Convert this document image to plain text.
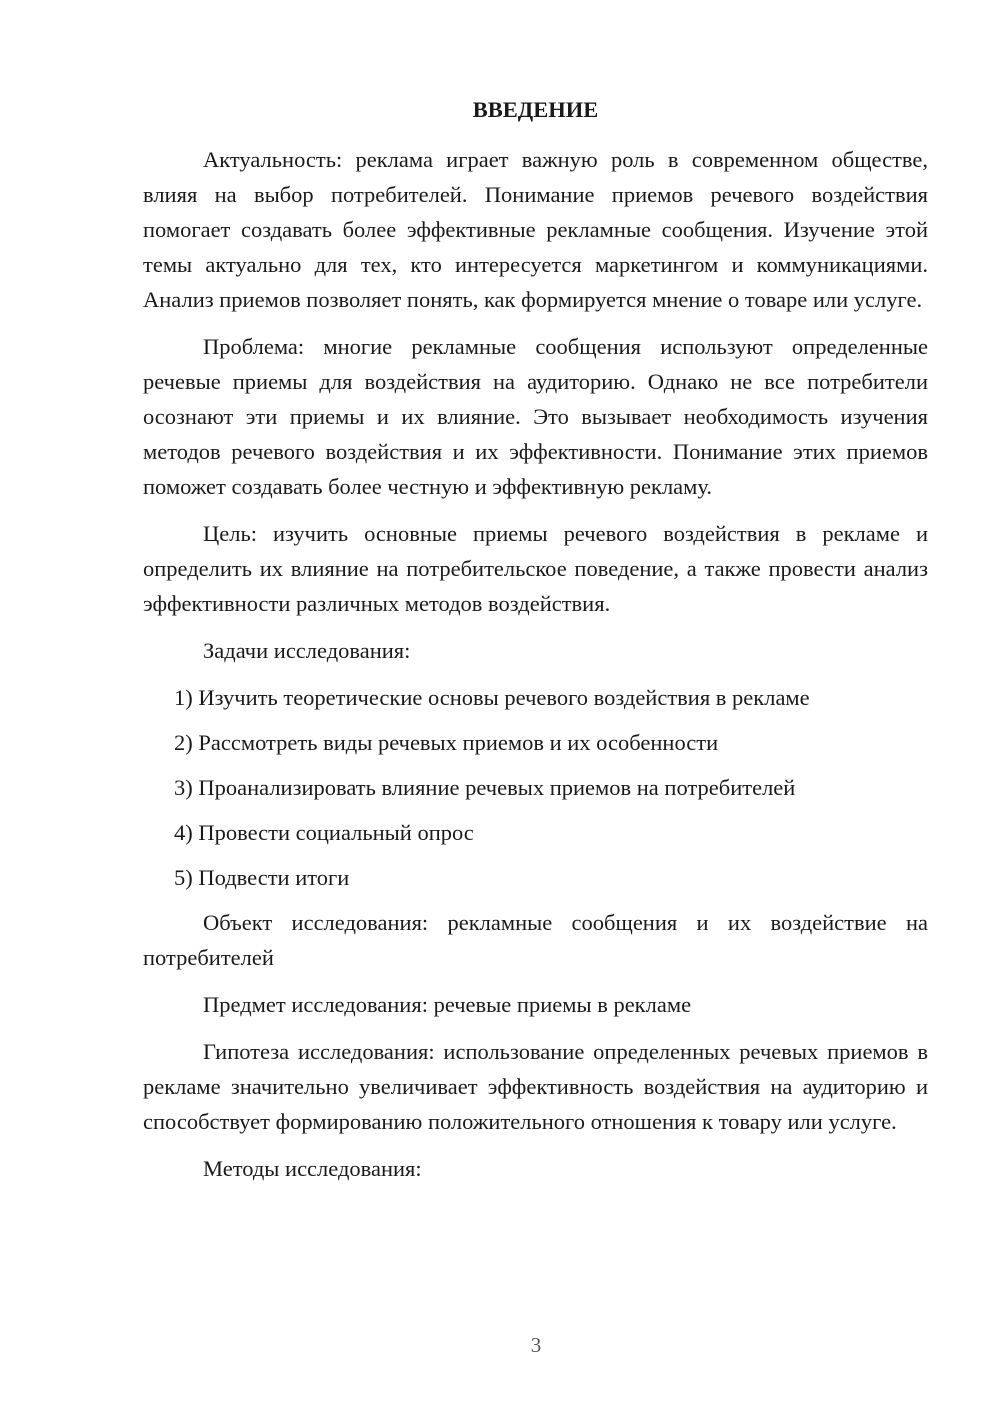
ВВЕДЕНИЕ

Актуальность: реклама играет важную роль в современном обществе, влияя на выбор потребителей. Понимание приемов речевого воздействия помогает создавать более эффективные рекламные сообщения. Изучение этой темы актуально для тех, кто интересуется маркетингом и коммуникациями. Анализ приемов позволяет понять, как формируется мнение о товаре или услуге.

Проблема: многие рекламные сообщения используют определенные речевые приемы для воздействия на аудиторию. Однако не все потребители осознают эти приемы и их влияние. Это вызывает необходимость изучения методов речевого воздействия и их эффективности. Понимание этих приемов поможет создавать более честную и эффективную рекламу.

Цель: изучить основные приемы речевого воздействия в рекламе и определить их влияние на потребительское поведение, а также провести анализ эффективности различных методов воздействия.

Задачи исследования:

1) Изучить теоретические основы речевого воздействия в рекламе

2) Рассмотреть виды речевых приемов и их особенности

3) Проанализировать влияние речевых приемов на потребителей

4) Провести социальный опрос

5) Подвести итоги

Объект исследования: рекламные сообщения и их воздействие на потребителей

Предмет исследования: речевые приемы в рекламе

Гипотеза исследования: использование определенных речевых приемов в рекламе значительно увеличивает эффективность воздействия на аудиторию и способствует формированию положительного отношения к товару или услуге.

Методы исследования:

3
